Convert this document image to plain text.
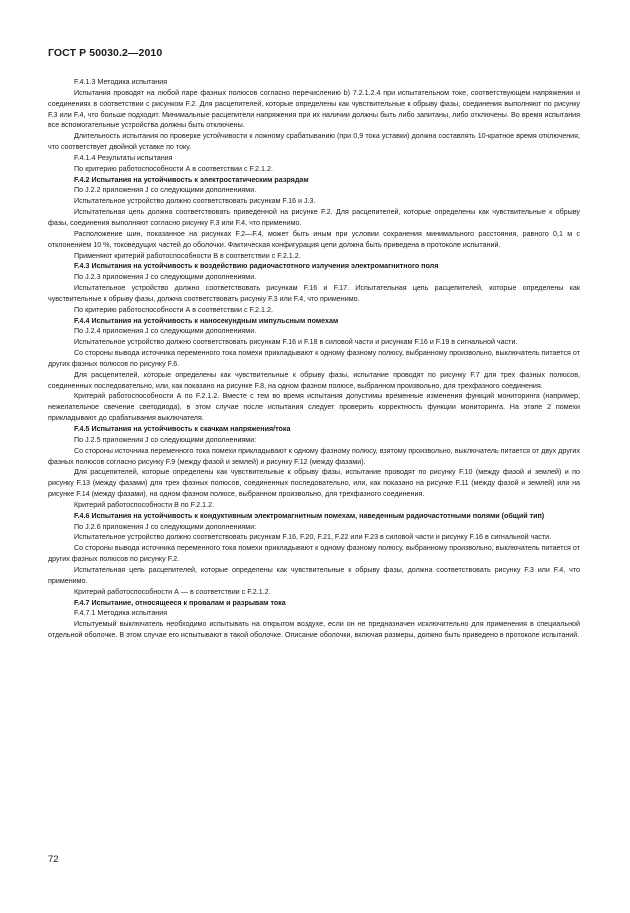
ГОСТ Р 50030.2—2010

F.4.1.3 Методика испытания

Испытания проводят на любой паре фазных полюсов согласно перечислению b) 7.2.1.2.4 при испытательном токе, соответствующем напряжении и соединениях в соответствии с рисунком F.2. Для расцепителей, которые определены как чувствительные к обрыву фазы, соединения выполняют по рисунку F.3 или F.4, что больше подходит. Минимальные расцепители напряжения при их наличии должны быть либо запитаны, либо отключены. Во время испытания все вспомогательные устройства должны быть отключены.

Длительность испытания по проверке устойчивости к ложному срабатыванию (при 0,9 тока уставки) должна составлять 10-кратное время отключения, что соответствует двойной уставке по току.

F.4.1.4 Результаты испытания

По критерию работоспособности А в соответствии с F.2.1.2.

F.4.2 Испытания на устойчивость к электростатическим разрядам

По J.2.2 приложения J со следующими дополнениями.

Испытательное устройство должно соответствовать рисункам F.16 и J.3.

Испытательная цепь должна соответствовать приведенной на рисунке F.2. Для расцепителей, которые определены как чувствительные к обрыву фазы, соединения выполняют согласно рисунку F.3 или F.4, что применимо.

Расположение шин, показанное на рисунках F.2—F.4, может быть иным при условии сохранения минимального расстояния, равного 0,1 м с отклонением 10 %, токоведущих частей до оболочки. Фактическая конфигурация цепи должна быть приведена в протоколе испытаний.

Применяют критерий работоспособности В в соответствии с F.2.1.2.

F.4.3 Испытания на устойчивость к воздействию радиочастотного излучения электромагнитного поля

По J.2.3 приложения J со следующими дополнениями.

Испытательное устройство должно соответствовать рисункам F.16 и F.17. Испытательная цепь расцепителей, которые определены как чувствительные к обрыву фазы, должна соответствовать рисунку F.3 или F.4, что применимо.

По критерию работоспособности А в соответствии с F.2.1.2.

F.4.4 Испытания на устойчивость к наносекундным импульсным помехам

По J.2.4 приложения J со следующими дополнениями.

Испытательное устройство должно соответствовать рисункам F.16 и F.18 в силовой части и рисункам F.16 и F.19 в сигнальной части.

Со стороны вывода источника переменного тока помехи прикладывают к одному фазному полюсу, выбранному произвольно, выключатель питается от других фазных полюсов по рисунку F.6.

Для расцепителей, которые определены как чувствительные к обрыву фазы, испытание проводят по рисунку F.7 для трех фазных полюсов, соединенных последовательно, или, как показано на рисунке F.8, на одном фазном полюсе, выбранном произвольно, для трехфазного соединения.

Критерий работоспособности А по F.2.1.2. Вместе с тем во время испытания допустимы временные изменения функций мониторинга (например, нежелательное свечение светодиода), в этом случае после испытания следует проверить корректность функции мониторинга. На этапе 2 помехи прикладывают до срабатывания выключателя.

F.4.5 Испытания на устойчивость к скачкам напряжения/тока

По J.2.5 приложения J со следующими дополнениями:

Со стороны источника переменного тока помехи прикладывают к одному фазному полюсу, взятому произвольно, выключатель питается от двух других фазных полюсов согласно рисунку F.9 (между фазой и землей) и рисунку F.12 (между фазами).

Для расцепителей, которые определены как чувствительные к обрыву фазы, испытание проводят по рисунку F.10 (между фазой и землей) и по рисунку F.13 (между фазами) для трех фазных полюсов, соединенных последовательно, или, как показано на рисунке F.11 (между фазой и землей) или на рисунке F.14 (между фазами), на одном фазном полюсе, выбранном произвольно, для трехфазного соединения.

Критерий работоспособности В по F.2.1.2.

F.4.6 Испытания на устойчивость к кондуктивным электромагнитным помехам, наведенным радиочастотными полями (общий тип)

По J.2.6 приложения J со следующими дополнениями:

Испытательное устройство должно соответствовать рисункам F.16, F.20, F.21, F.22 или F.23 в силовой части и рисунку F.16 в сигнальной части.

Со стороны вывода источника переменного тока помехи прикладывают к одному фазному полюсу, выбранному произвольно, выключатель питается от других фазных полюсов по рисунку F.2.

Испытательная цепь расцепителей, которые определены как чувствительные к обрыву фазы, должна соответствовать рисунку F.3 или F.4, что применимо.

Критерий работоспособности А — в соответствии с F.2.1.2.

F.4.7 Испытание, относящееся к провалам и разрывам тока

F.4.7.1 Методика испытания

Испытуемый выключатель необходимо испытывать на открытом воздухе, если он не предназначен исключительно для применения в специальной отдельной оболочке. В этом случае его испытывают в такой оболочке. Описание оболочки, включая размеры, должно быть приведено в протоколе испытаний.

72
